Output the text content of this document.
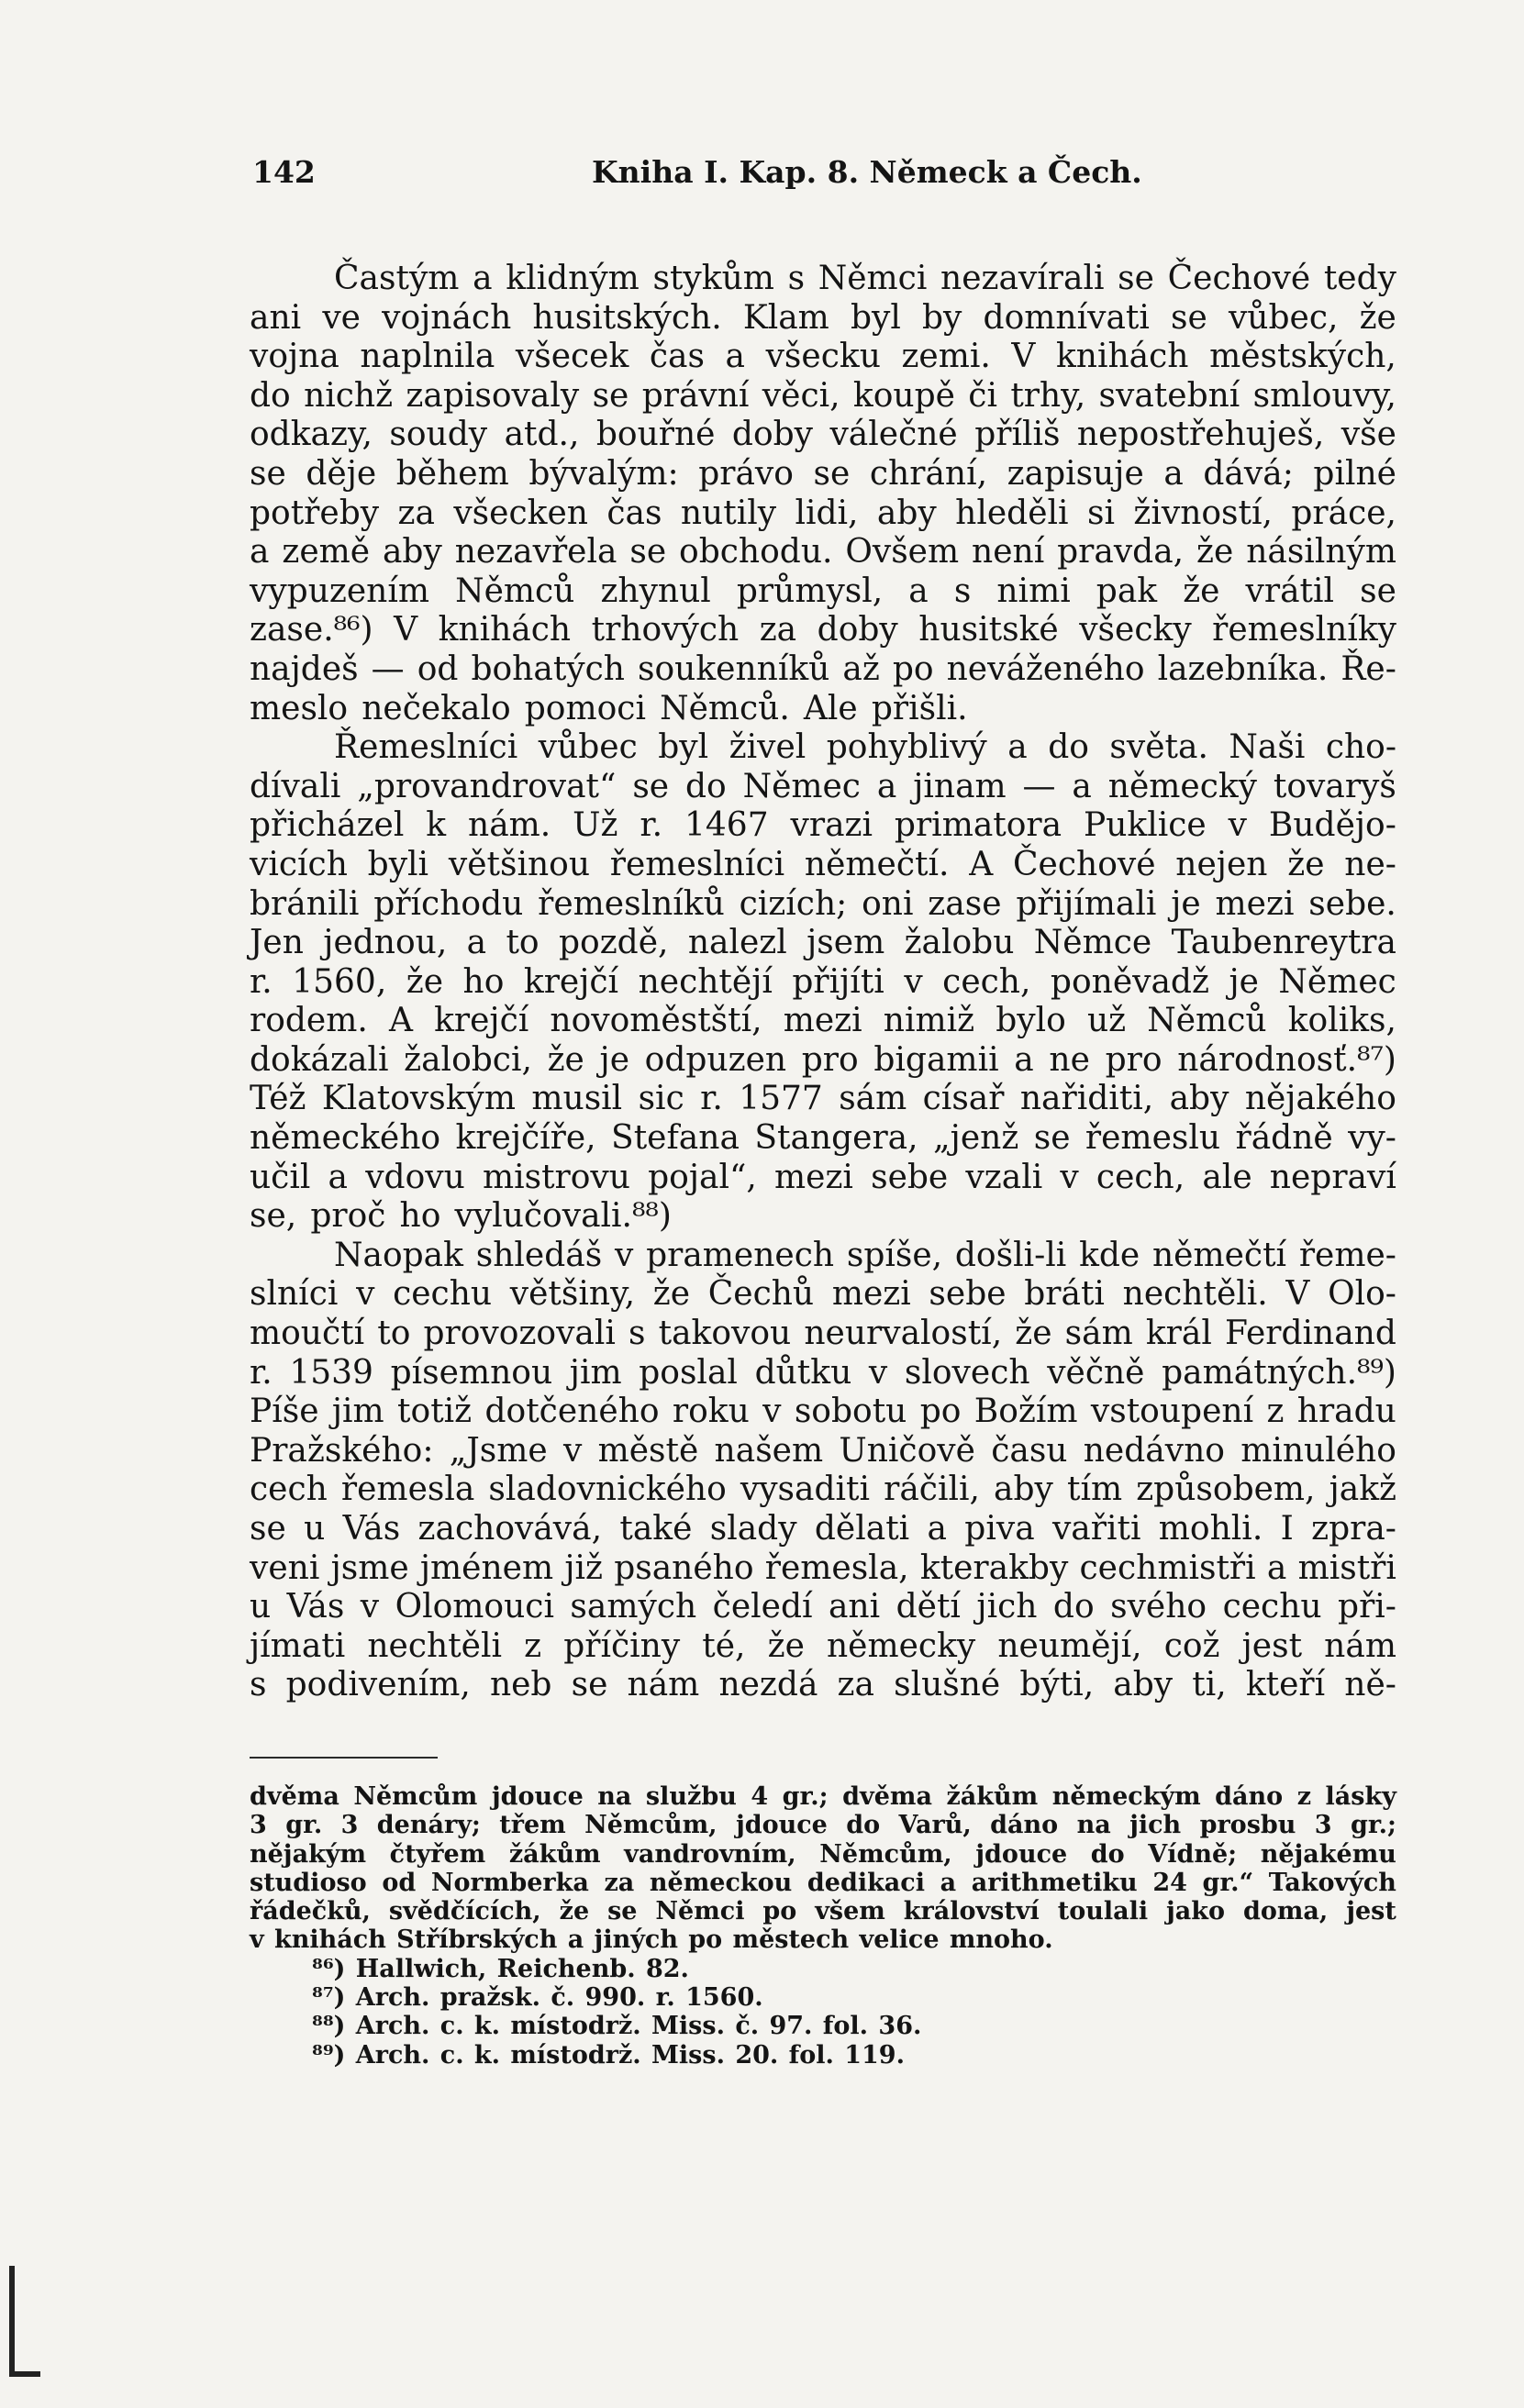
142	Kniha I. Kap. 8. Německ a Čech.
Častým a klidným stykům s Němci nezavírali se Čechové tedy
ani ve vojnách husitských. Klam byl by domnívati se vůbec, že
vojna naplnila všecek čas a všecku zemi. V knihách městských,
do nichž zapisovaly se právní věci, koupě či trhy, svatební smlouvy,
odkazy, soudy atd., bouřné doby válečné příliš nepostřehuješ, vše
se děje během bývalým: právo se chrání, zapisuje a dává; pilné
potřeby za všecken čas nutily lidi, aby hleděli si živností, práce,
a země aby nezavřela se obchodu. Ovšem není pravda, že násilným
vypuzením Němců zhynul průmysl, a s nimi pak že vrátil se
zase.⁸⁶) V knihách trhových za doby husitské všecky řemeslníky
najdeš — od bohatých soukenníků až po neváženého lazebníka. Ře-
meslo nečekalo pomoci Němců. Ale přišli.
Řemeslníci vůbec byl živel pohyblivý a do světa. Naši cho-
dívali „provandrovat“ se do Němec a jinam — a německý tovaryš
přicházel k nám. Už r. 1467 vrazi primatora Puklice v Budějo-
vicích byli většinou řemeslníci němečtí. A Čechové nejen že ne-
bránili příchodu řemeslníků cizích; oni zase přijímali je mezi sebe.
Jen jednou, a to pozdě, nalezl jsem žalobu Němce Taubenreytra
r. 1560, že ho krejčí nechtějí přijíti v cech, poněvadž je Němec
rodem. A krejčí novoměstští, mezi nimiž bylo už Němců koliks,
dokázali žalobci, že je odpuzen pro bigamii a ne pro národnosť.⁸⁷)
Též Klatovským musil sic r. 1577 sám císař nařiditi, aby nějakého
německého krejčíře, Stefana Stangera, „jenž se řemeslu řádně vy-
učil a vdovu mistrovu pojal“, mezi sebe vzali v cech, ale nepraví
se, proč ho vylučovali.⁸⁸)
Naopak shledáš v pramenech spíše, došli-li kde němečtí řeme-
slníci v cechu většiny, že Čechů mezi sebe bráti nechtěli. V Olo-
moučtí to provozovali s takovou neurvalostí, že sám král Ferdinand
r. 1539 písemnou jim poslal důtku v slovech věčně památných.⁸⁹)
Píše jim totiž dotčeného roku v sobotu po Božím vstoupení z hradu
Pražského: „Jsme v městě našem Uničově času nedávno minulého
cech řemesla sladovnického vysaditi ráčili, aby tím způsobem, jakž
se u Vás zachovává, také slady dělati a piva vařiti mohli. I zpra-
veni jsme jménem již psaného řemesla, kterakby cechmistři a mistři
u Vás v Olomouci samých čeledí ani dětí jich do svého cechu při-
jímati nechtěli z příčiny té, že německy neumějí, což jest nám
s podivením, neb se nám nezdá za slušné býti, aby ti, kteří ně-
dvěma Němcům jdouce na službu 4 gr.; dvěma žákům německým dáno z lásky
3 gr. 3 denáry; třem Němcům, jdouce do Varů, dáno na jich prosbu 3 gr.;
nějakým čtyřem žákům vandrovním, Němcům, jdouce do Vídně; nějakému
studioso od Normberka za německou dedikaci a arithmetiku 24 gr.“ Takových
řádečků, svědčících, že se Němci po všem království toulali jako doma, jest
v knihách Stříbrských a jiných po městech velice mnoho.
⁸⁶) Hallwich, Reichenb. 82.
⁸⁷) Arch. pražsk. č. 990. r. 1560.
⁸⁸) Arch. c. k. místodrž. Miss. č. 97. fol. 36.
⁸⁹) Arch. c. k. místodrž. Miss. 20. fol. 119.
